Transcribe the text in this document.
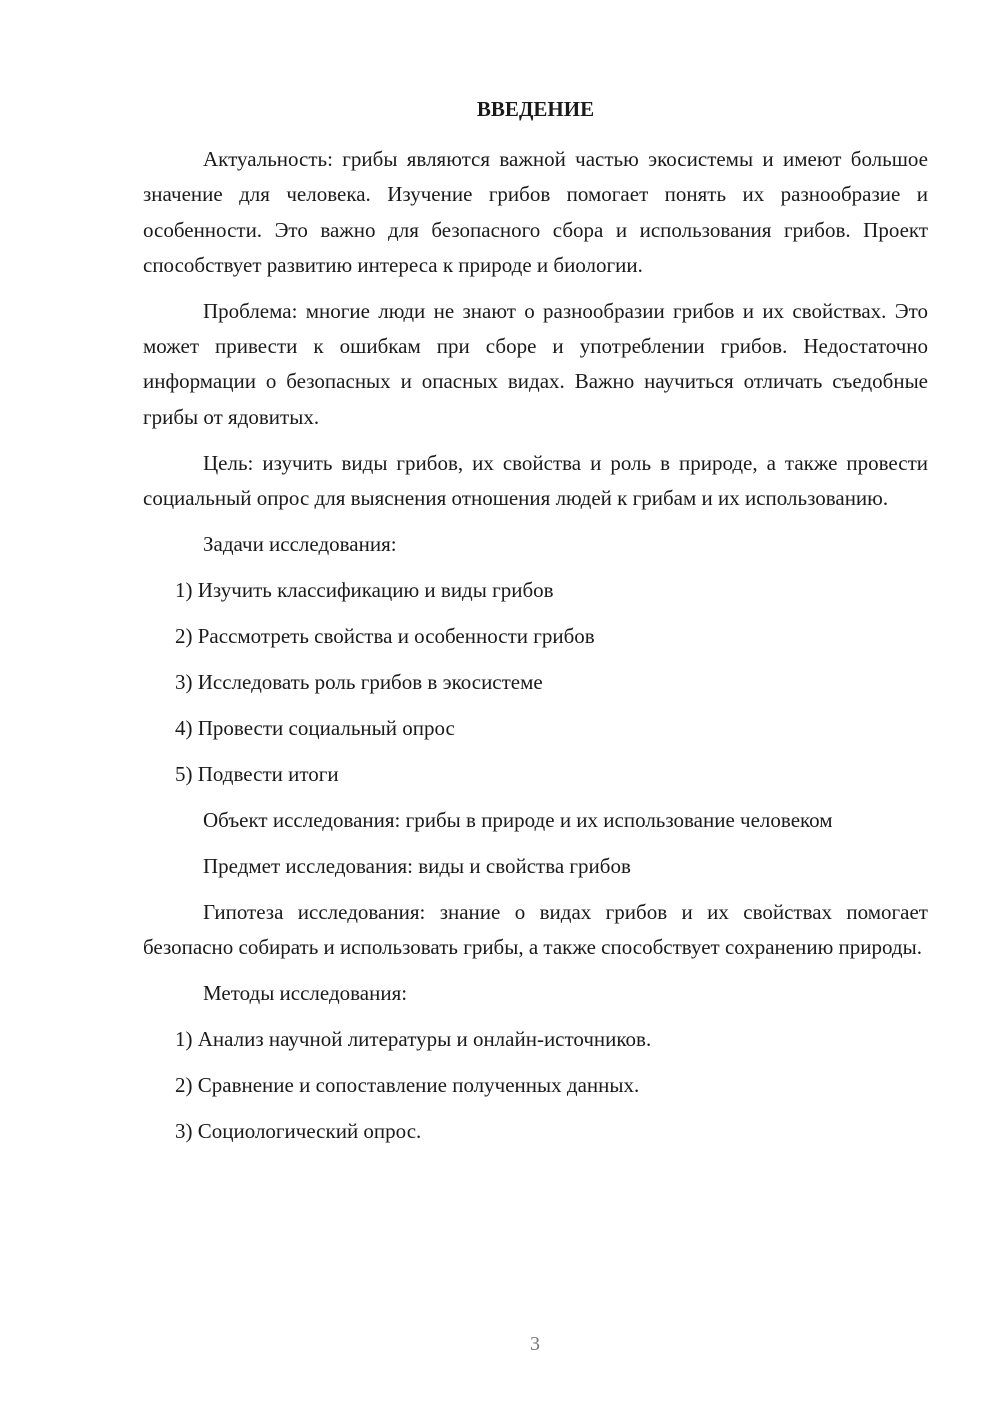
ВВЕДЕНИЕ

Актуальность: грибы являются важной частью экосистемы и имеют большое значение для человека. Изучение грибов помогает понять их разнообразие и особенности. Это важно для безопасного сбора и использования грибов. Проект способствует развитию интереса к природе и биологии.

Проблема: многие люди не знают о разнообразии грибов и их свойствах. Это может привести к ошибкам при сборе и употреблении грибов. Недостаточно информации о безопасных и опасных видах. Важно научиться отличать съедобные грибы от ядовитых.

Цель: изучить виды грибов, их свойства и роль в природе, а также провести социальный опрос для выяснения отношения людей к грибам и их использованию.

Задачи исследования:

1) Изучить классификацию и виды грибов

2) Рассмотреть свойства и особенности грибов

3) Исследовать роль грибов в экосистеме

4) Провести социальный опрос

5) Подвести итоги

Объект исследования: грибы в природе и их использование человеком

Предмет исследования: виды и свойства грибов

Гипотеза исследования: знание о видах грибов и их свойствах помогает безопасно собирать и использовать грибы, а также способствует сохранению природы.

Методы исследования:

1) Анализ научной литературы и онлайн-источников.

2) Сравнение и сопоставление полученных данных.

3) Социологический опрос.

3
